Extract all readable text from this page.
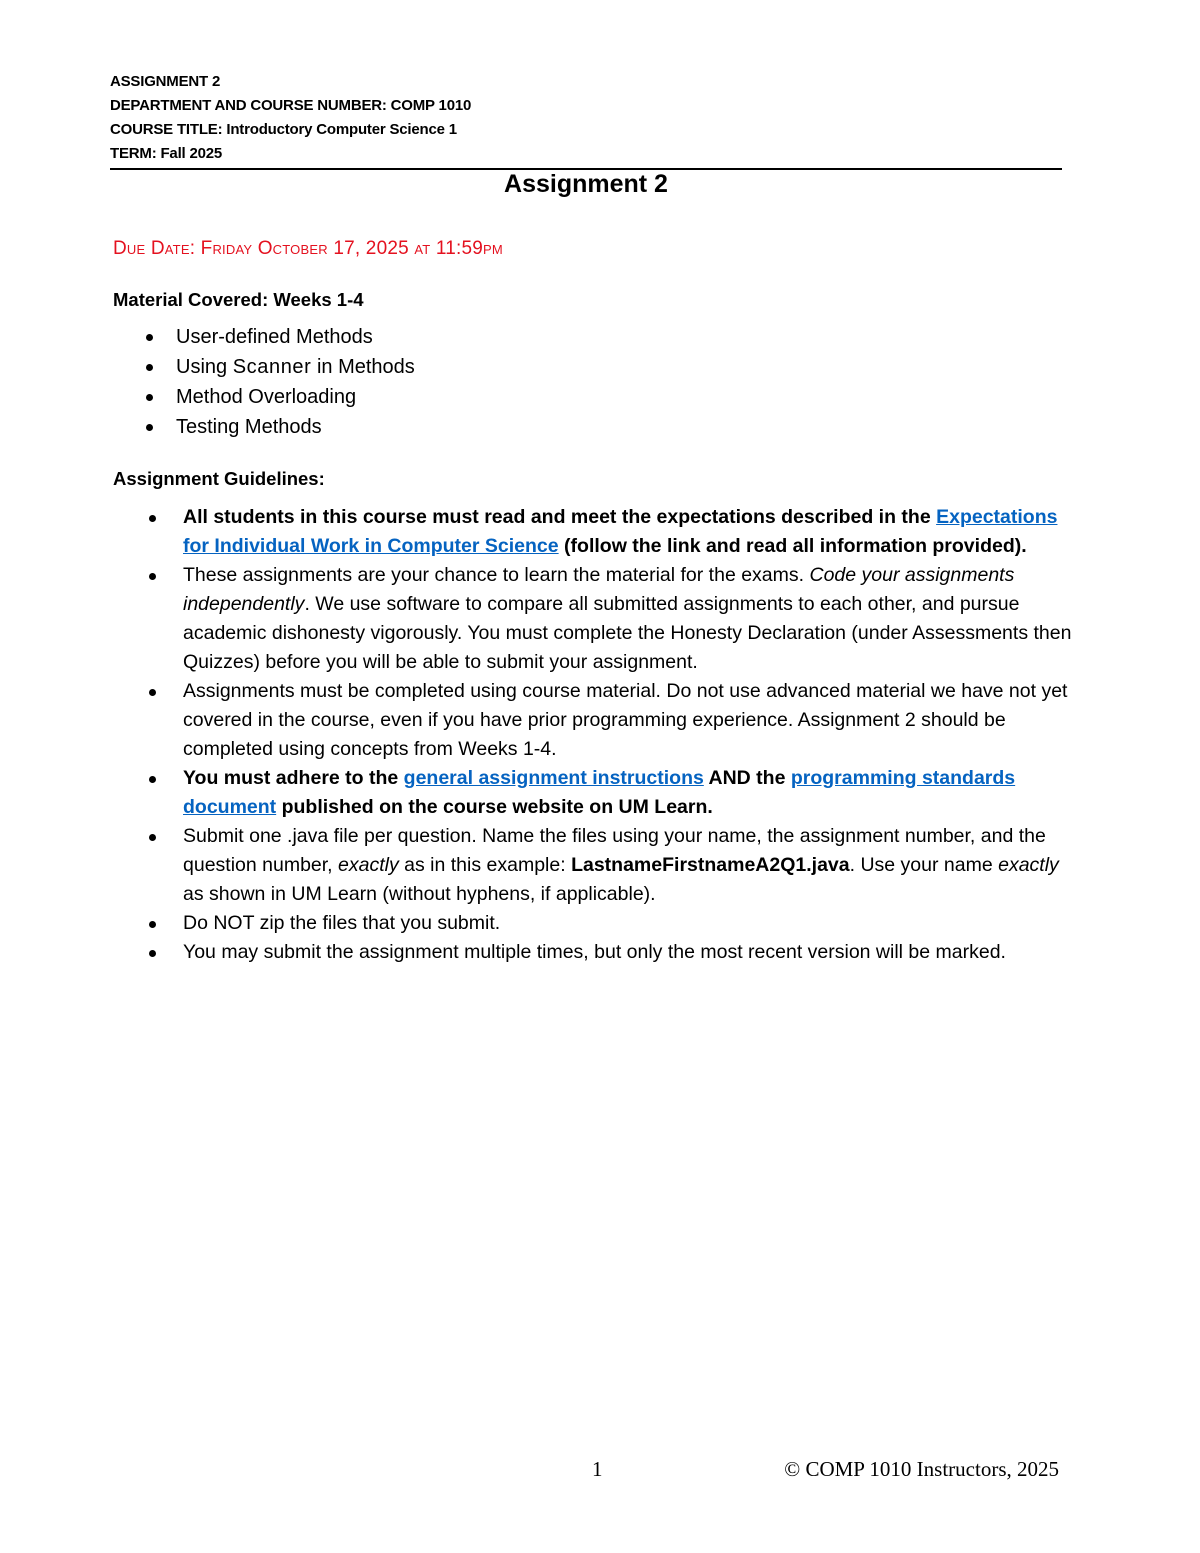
ASSIGNMENT 2
DEPARTMENT AND COURSE NUMBER: COMP 1010
COURSE TITLE: Introductory Computer Science 1
TERM: Fall 2025
Assignment 2
Due Date: Friday October 17, 2025 at 11:59pm
Material Covered: Weeks 1-4
User-defined Methods
Using Scanner in Methods
Method Overloading
Testing Methods
Assignment Guidelines:
All students in this course must read and meet the expectations described in the Expectations for Individual Work in Computer Science (follow the link and read all information provided).
These assignments are your chance to learn the material for the exams. Code your assignments independently. We use software to compare all submitted assignments to each other, and pursue academic dishonesty vigorously. You must complete the Honesty Declaration (under Assessments then Quizzes) before you will be able to submit your assignment.
Assignments must be completed using course material. Do not use advanced material we have not yet covered in the course, even if you have prior programming experience. Assignment 2 should be completed using concepts from Weeks 1-4.
You must adhere to the general assignment instructions AND the programming standards document published on the course website on UM Learn.
Submit one .java file per question. Name the files using your name, the assignment number, and the question number, exactly as in this example: LastnameFirstnameA2Q1.java. Use your name exactly as shown in UM Learn (without hyphens, if applicable).
Do NOT zip the files that you submit.
You may submit the assignment multiple times, but only the most recent version will be marked.
1	© COMP 1010 Instructors, 2025
